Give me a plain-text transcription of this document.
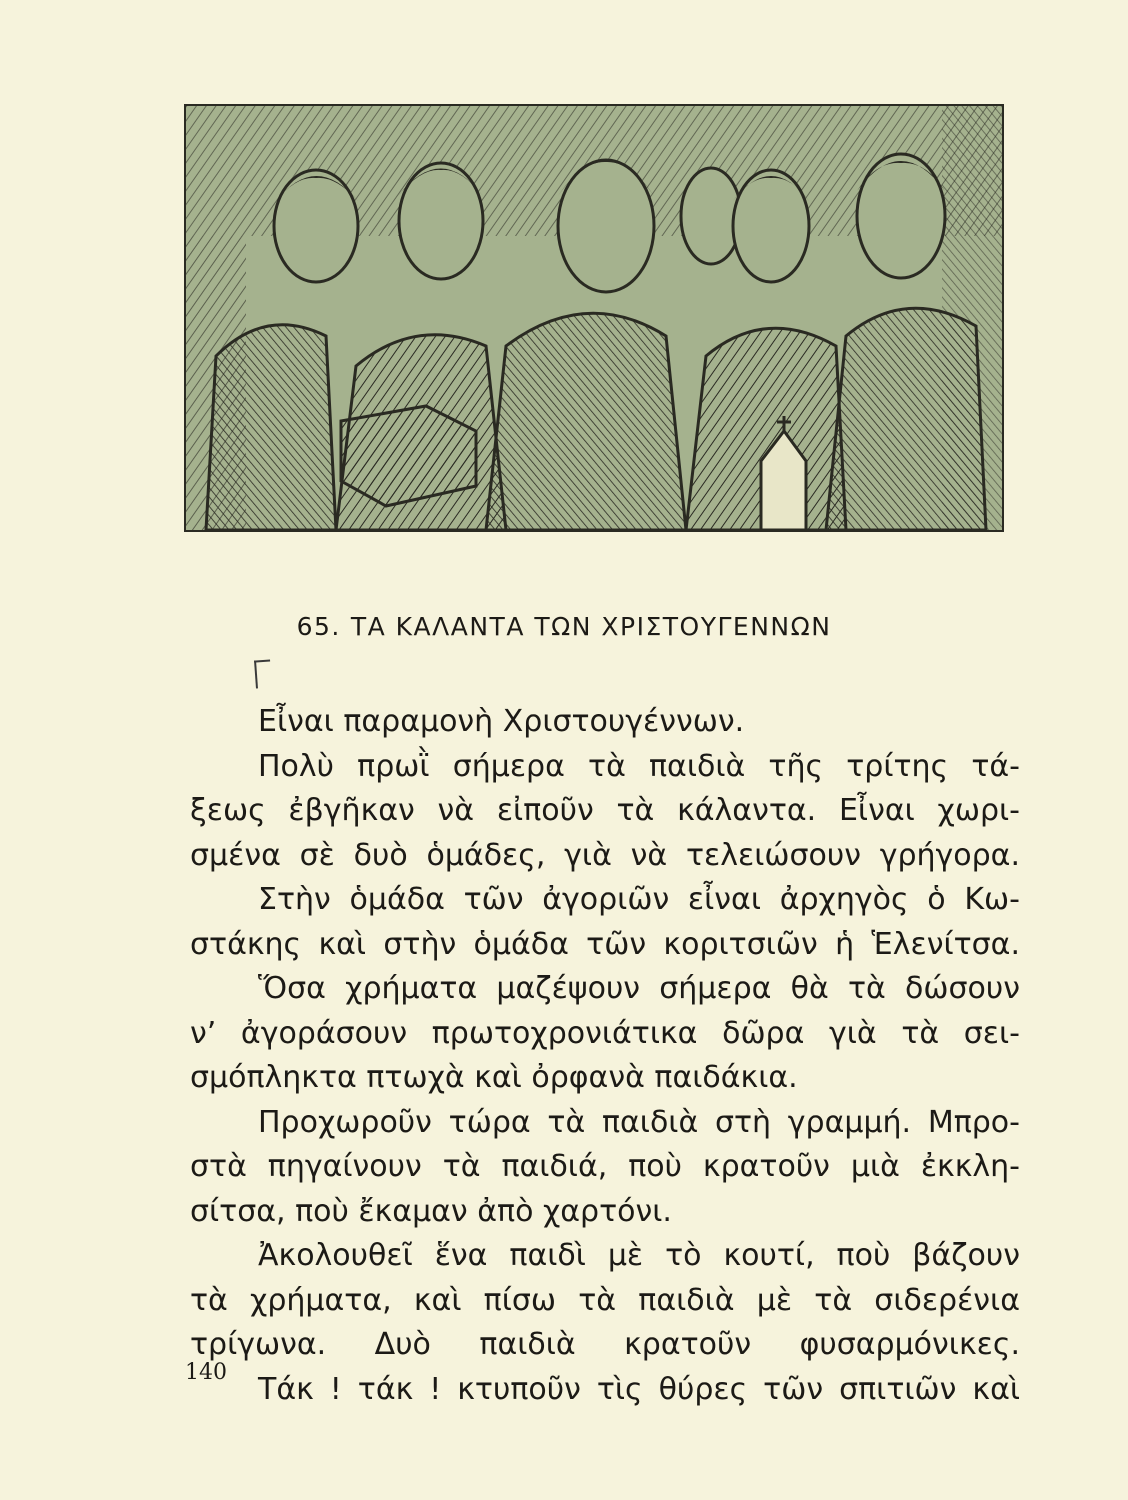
65. ΤΑ ΚΑΛΑΝΤΑ ΤΩΝ ΧΡΙΣΤΟΥΓΕΝΝΩΝ
Εἶναι παραμονὴ Χριστουγέννων.
Πολὺ πρωῒ σήμερα τὰ παιδιὰ τῆς τρίτης τά-
ξεως ἐβγῆκαν νὰ εἰποῦν τὰ κάλαντα. Εἶναι χωρι-
σμένα σὲ δυὸ ὁμάδες, γιὰ νὰ τελειώσουν γρήγορα.
Στὴν ὁμάδα τῶν ἀγοριῶν εἶναι ἀρχηγὸς ὁ Κω-
στάκης καὶ στὴν ὁμάδα τῶν κοριτσιῶν ἡ Ἑλενίτσα.
Ὅσα χρήματα μαζέψουν σήμερα θὰ τὰ δώσουν
ν’ ἀγοράσουν πρωτοχρονιάτικα δῶρα γιὰ τὰ σει-
σμόπληκτα πτωχὰ καὶ ὀρφανὰ παιδάκια.
Προχωροῦν τώρα τὰ παιδιὰ στὴ γραμμή. Μπρο-
στὰ πηγαίνουν τὰ παιδιά, ποὺ κρατοῦν μιὰ ἐκκλη-
σίτσα, ποὺ ἔκαμαν ἀπὸ χαρτόνι.
Ἀκολουθεῖ ἕνα παιδὶ μὲ τὸ κουτί, ποὺ βάζουν
τὰ χρήματα, καὶ πίσω τὰ παιδιὰ μὲ τὰ σιδερένια
τρίγωνα. Δυὸ παιδιὰ κρατοῦν φυσαρμόνικες.
Τάκ ! τάκ ! κτυποῦν τὶς θύρες τῶν σπιτιῶν καὶ
140
